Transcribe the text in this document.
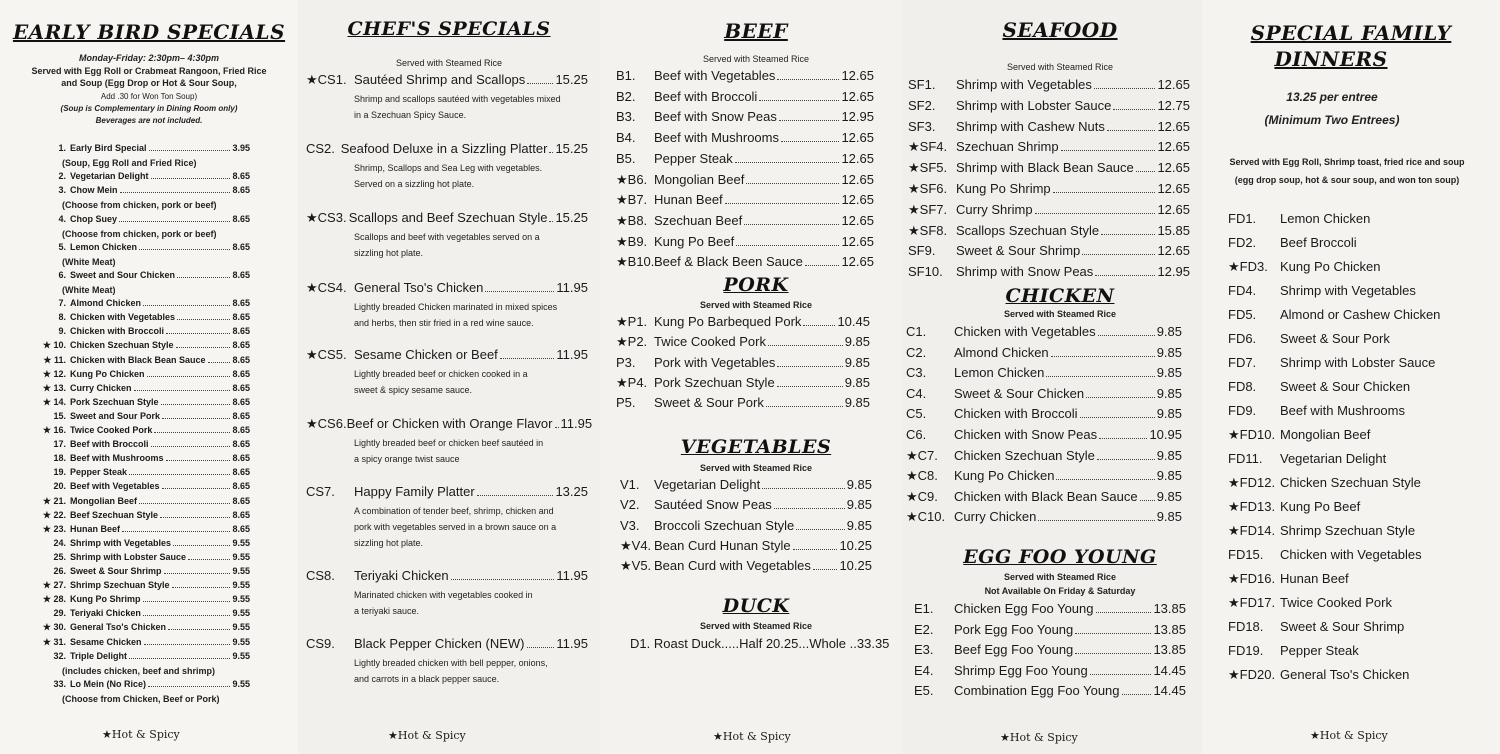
EARLY BIRD SPECIALS
Monday-Friday: 2:30pm– 4:30pm
Served with Egg Roll or Crabmeat Rangoon, Fried Rice
and Soup (Egg Drop or Hot & Sour Soup,
Add .30 for Won Ton Soup)
(Soup is Complementary in Dining Room only)
Beverages are not included.
1. Early Bird Special	3.95
(Soup, Egg Roll and Fried Rice)
2. Vegetarian Delight	8.65
3. Chow Mein	8.65
(Choose from chicken, pork or beef)
4. Chop Suey	8.65
(Choose from chicken, pork or beef)
5. Lemon Chicken	8.65
(White Meat)
6. Sweet and Sour Chicken	8.65
(White Meat)
7. Almond Chicken	8.65
8. Chicken with Vegetables	8.65
9. Chicken with Broccoli	8.65
★ 10. Chicken Szechuan Style	8.65
★ 11. Chicken with Black Bean Sauce	8.65
★ 12. Kung Po Chicken	8.65
★ 13. Curry Chicken	8.65
★ 14. Pork Szechuan Style	8.65
15. Sweet and Sour Pork	8.65
★ 16. Twice Cooked Pork	8.65
17. Beef with Broccoli	8.65
18. Beef with Mushrooms	8.65
19. Pepper Steak	8.65
20. Beef with Vegetables	8.65
★ 21. Mongolian Beef	8.65
★ 22. Beef Szechuan Style	8.65
★ 23. Hunan Beef	8.65
24. Shrimp with Vegetables	9.55
25. Shrimp with Lobster Sauce	9.55
26. Sweet & Sour Shrimp	9.55
★ 27. Shrimp Szechuan Style	9.55
★ 28. Kung Po Shrimp	9.55
29. Teriyaki Chicken	9.55
★ 30. General Tso's Chicken	9.55
★ 31. Sesame Chicken	9.55
32. Triple Delight	9.55
(includes chicken, beef and shrimp)
33. Lo Mein (No Rice)	9.55
(Choose from Chicken, Beef or Pork)
★Hot & Spicy
CHEF'S SPECIALS
Served with Steamed Rice
★CS1. Sautéed Shrimp and Scallops 15.25
Shrimp and scallops sautéed with vegetables mixed
in a Szechuan Spicy Sauce.
CS2. Seafood Deluxe in a Sizzling Platter 15.25
Shrimp, Scallops and Sea Leg with vegetables.
Served on a sizzling hot plate.
★CS3. Scallops and Beef Szechuan Style 15.25
Scallops and beef with vegetables served on a
sizzling hot plate.
★CS4. General Tso's Chicken	11.95
Lightly breaded Chicken marinated in mixed spices
and herbs, then stir fried in a red wine sauce.
★CS5. Sesame Chicken or Beef	11.95
Lightly breaded beef or chicken cooked in a
sweet & spicy sesame sauce.
★CS6. Beef or Chicken with Orange Flavor 11.95
Lightly breaded beef or chicken beef sautéed in
a spicy orange twist sauce
CS7.	Happy Family Platter	13.25
A combination of tender beef, shrimp, chicken and
pork with vegetables served in a brown sauce on a
sizzling hot plate.
CS8.	Teriyaki Chicken	11.95
Marinated chicken with vegetables cooked in
a teriyaki sauce.
CS9.	Black Pepper Chicken (NEW) 11.95
Lightly breaded chicken with bell pepper, onions,
and carrots in a black pepper sauce.
★Hot & Spicy
BEEF
Served with Steamed Rice
B1.	Beef with Vegetables	12.65
B2.	Beef with Broccoli	12.65
B3.	Beef with Snow Peas	12.95
B4.	Beef with Mushrooms	12.65
B5.	Pepper Steak	12.65
★B6. Mongolian Beef	12.65
★B7. Hunan Beef	12.65
★B8. Szechuan Beef	12.65
★B9. Kung Po Beef	12.65
★B10. Beef & Black Been Sauce	12.65
PORK
Served with Steamed Rice
★P1. Kung Po Barbequed Pork	10.45
★P2. Twice Cooked Pork	9.85
P3.	Pork with Vegetables	9.85
★P4. Pork Szechuan Style	9.85
P5.	Sweet & Sour Pork	9.85
VEGETABLES
Served with Steamed Rice
V1.	Vegetarian Delight	9.85
V2.	Sautéed Snow Peas	9.85
V3.	Broccoli Szechuan Style	9.85
★V4. Bean Curd Hunan Style	10.25
★V5. Bean Curd with Vegetables 10.25
DUCK
Served with Steamed Rice
D1. Roast Duck.....Half 20.25...Whole ..33.35
★Hot & Spicy
SEAFOOD
Served with Steamed Rice
SF1.	Shrimp with Vegetables	12.65
SF2.	Shrimp with Lobster Sauce	12.75
SF3.	Shrimp with Cashew Nuts	12.65
★SF4. Szechuan Shrimp	12.65
★SF5. Shrimp with Black Bean Sauce 12.65
★SF6. Kung Po Shrimp	12.65
★SF7. Curry Shrimp	12.65
★SF8. Scallops Szechuan Style	15.85
SF9.	Sweet & Sour Shrimp	12.65
SF10.	Shrimp with Snow Peas	12.95
CHICKEN
Served with Steamed Rice
C1.	Chicken with Vegetables	9.85
C2.	Almond Chicken	9.85
C3.	Lemon Chicken	9.85
C4.	Sweet & Sour Chicken	9.85
C5.	Chicken with Broccoli	9.85
C6.	Chicken with Snow Peas	10.95
★C7.	Chicken Szechuan Style	9.85
★C8.	Kung Po Chicken	9.85
★C9.	Chicken with Black Bean Sauce 9.85
★C10. Curry Chicken	9.85
EGG FOO YOUNG
Served with Steamed Rice
Not Available On Friday & Saturday
E1.	Chicken Egg Foo Young	13.85
E2.	Pork Egg Foo Young	13.85
E3.	Beef Egg Foo Young	13.85
E4.	Shrimp Egg Foo Young	14.45
E5.	Combination Egg Foo Young	14.45
★Hot & Spicy
SPECIAL FAMILY
DINNERS
13.25 per entree
(Minimum Two Entrees)
Served with Egg Roll, Shrimp toast, fried rice and soup
(egg drop soup, hot & sour soup, and won ton soup)
FD1.	Lemon Chicken
FD2.	Beef Broccoli
★FD3. Kung Po Chicken
FD4.	Shrimp with Vegetables
FD5.	Almond or Cashew Chicken
FD6.	Sweet & Sour Pork
FD7.	Shrimp with Lobster Sauce
FD8.	Sweet & Sour Chicken
FD9.	Beef with Mushrooms
★FD10. Mongolian Beef
FD11.	Vegetarian Delight
★FD12. Chicken Szechuan Style
★FD13. Kung Po Beef
★FD14. Shrimp Szechuan Style
FD15.	Chicken with Vegetables
★FD16. Hunan Beef
★FD17. Twice Cooked Pork
FD18.	Sweet & Sour Shrimp
FD19.	Pepper Steak
★FD20. General Tso's Chicken
★Hot & Spicy
